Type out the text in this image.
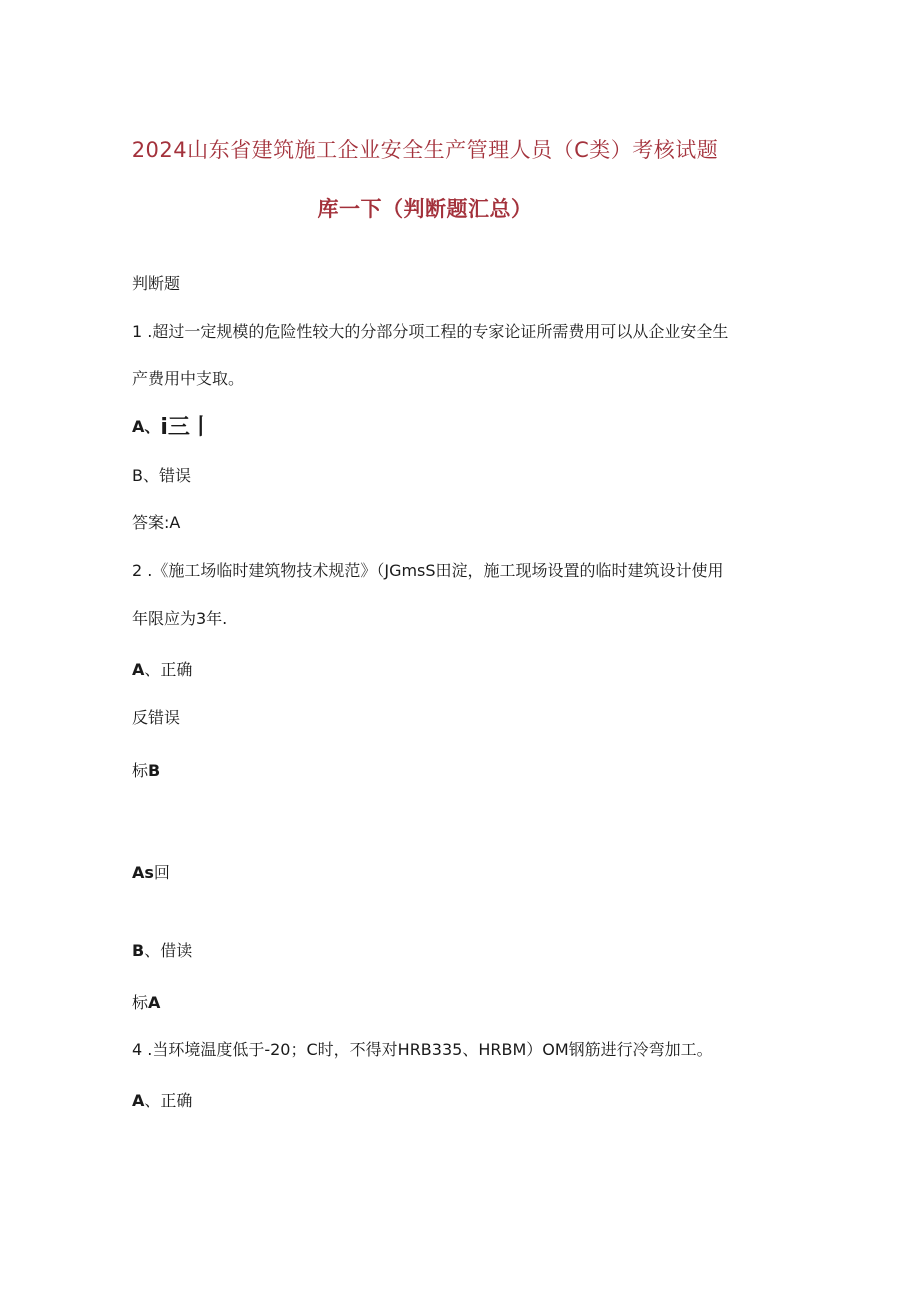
2024山东省建筑施工企业安全生产管理人员（C类）考核试题
库一下（判断题汇总）
判断题
1 .超过一定规模的危险性较大的分部分项工程的专家论证所需费用可以从企业安全生
产费用中支取。
A、i三丨
B、错误
答案:A
2 .《施工场临时建筑物技术规范》（JGmsS田淀，施工现场设置的临时建筑设计使用
年限应为3年.
A、正确
反错误
标B
As回
B、借读
标A
4 .当环境温度低于-20；C时，不得对HRB335、HRBM）OM钢筋进行冷弯加工。
A、正确
